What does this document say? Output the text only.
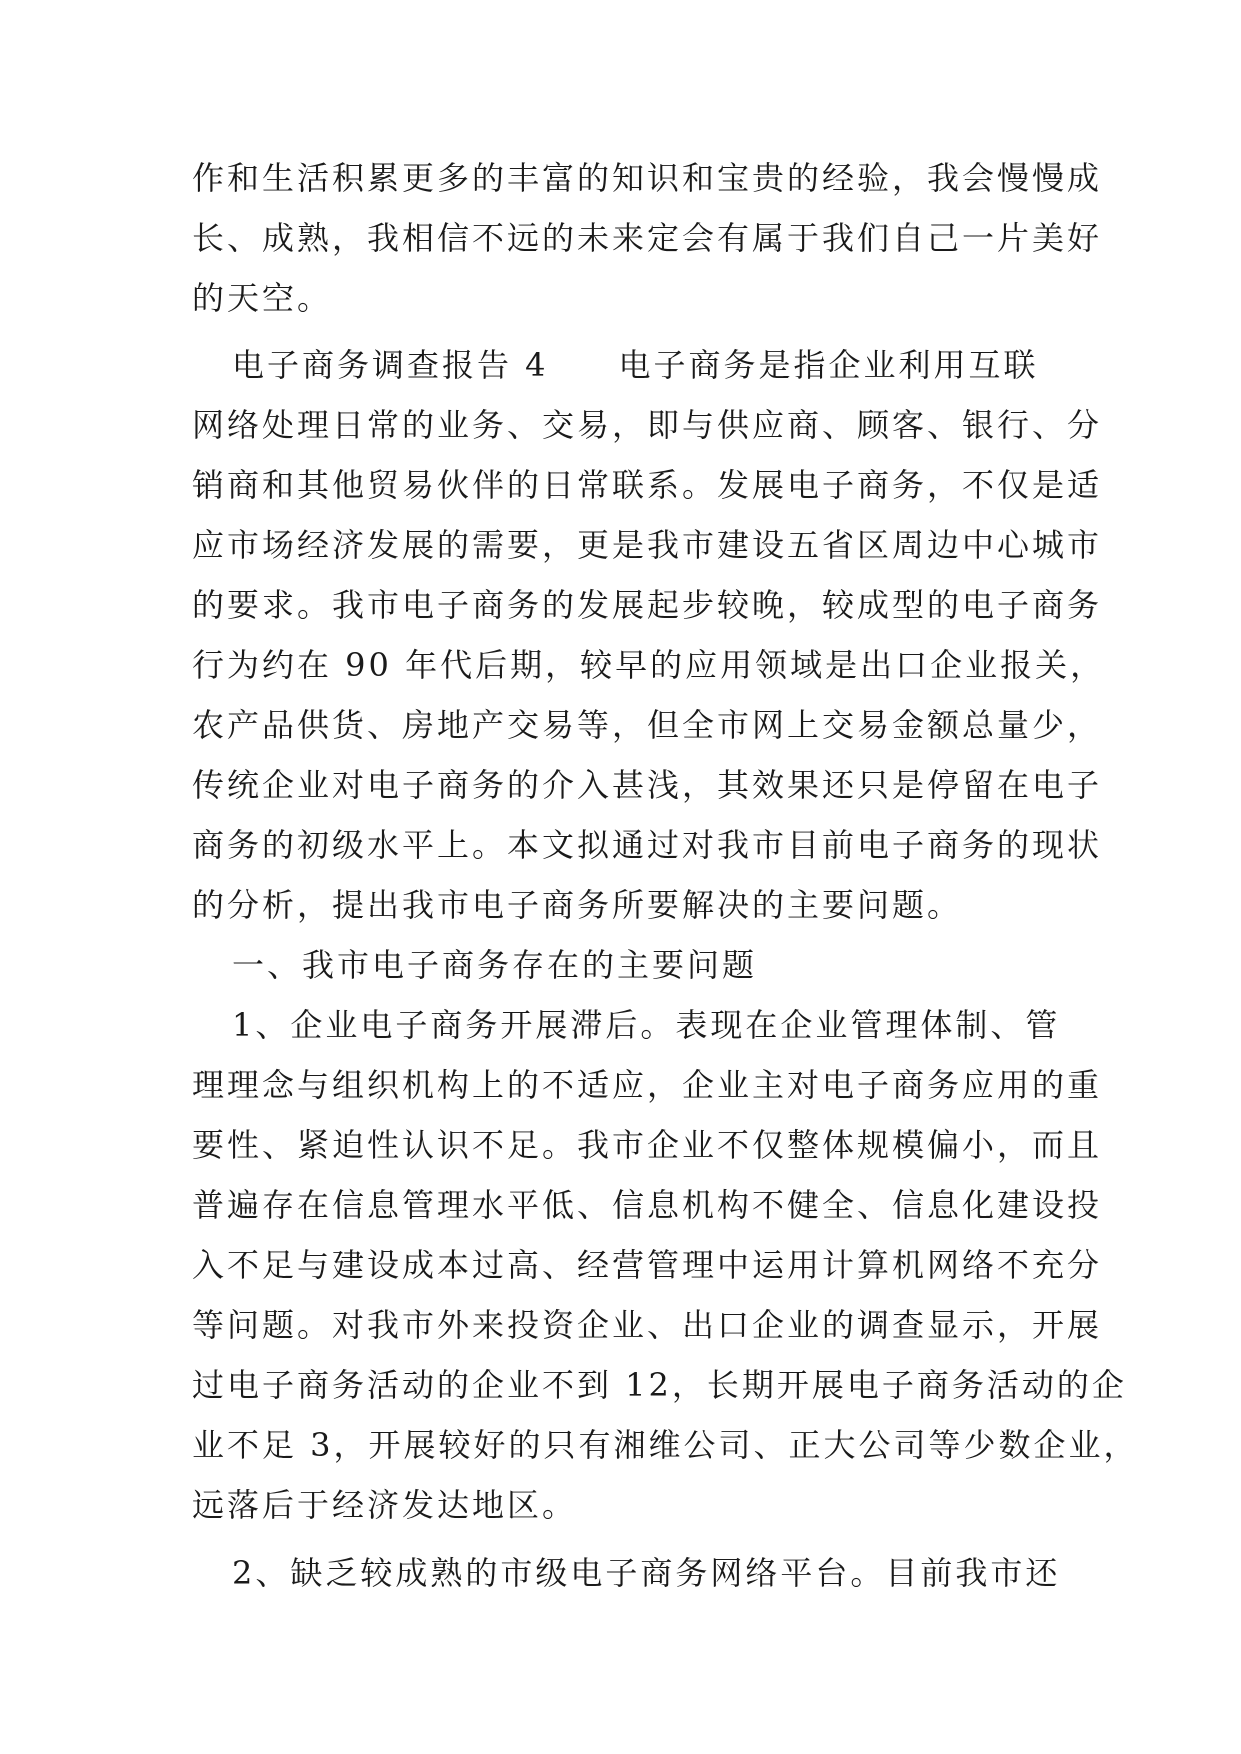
作和生活积累更多的丰富的知识和宝贵的经验，我会慢慢成
长、成熟，我相信不远的未来定会有属于我们自己一片美好
的天空。
电子商务调查报告 4　　电子商务是指企业利用互联
网络处理日常的业务、交易，即与供应商、顾客、银行、分
销商和其他贸易伙伴的日常联系。发展电子商务，不仅是适
应市场经济发展的需要，更是我市建设五省区周边中心城市
的要求。我市电子商务的发展起步较晚，较成型的电子商务
行为约在 90 年代后期，较早的应用领域是出口企业报关，
农产品供货、房地产交易等，但全市网上交易金额总量少，
传统企业对电子商务的介入甚浅，其效果还只是停留在电子
商务的初级水平上。本文拟通过对我市目前电子商务的现状
的分析，提出我市电子商务所要解决的主要问题。
一、我市电子商务存在的主要问题
1、企业电子商务开展滞后。表现在企业管理体制、管
理理念与组织机构上的不适应，企业主对电子商务应用的重
要性、紧迫性认识不足。我市企业不仅整体规模偏小，而且
普遍存在信息管理水平低、信息机构不健全、信息化建设投
入不足与建设成本过高、经营管理中运用计算机网络不充分
等问题。对我市外来投资企业、出口企业的调查显示，开展
过电子商务活动的企业不到 12，长期开展电子商务活动的企
业不足 3，开展较好的只有湘维公司、正大公司等少数企业，
远落后于经济发达地区。
2、缺乏较成熟的市级电子商务网络平台。目前我市还
